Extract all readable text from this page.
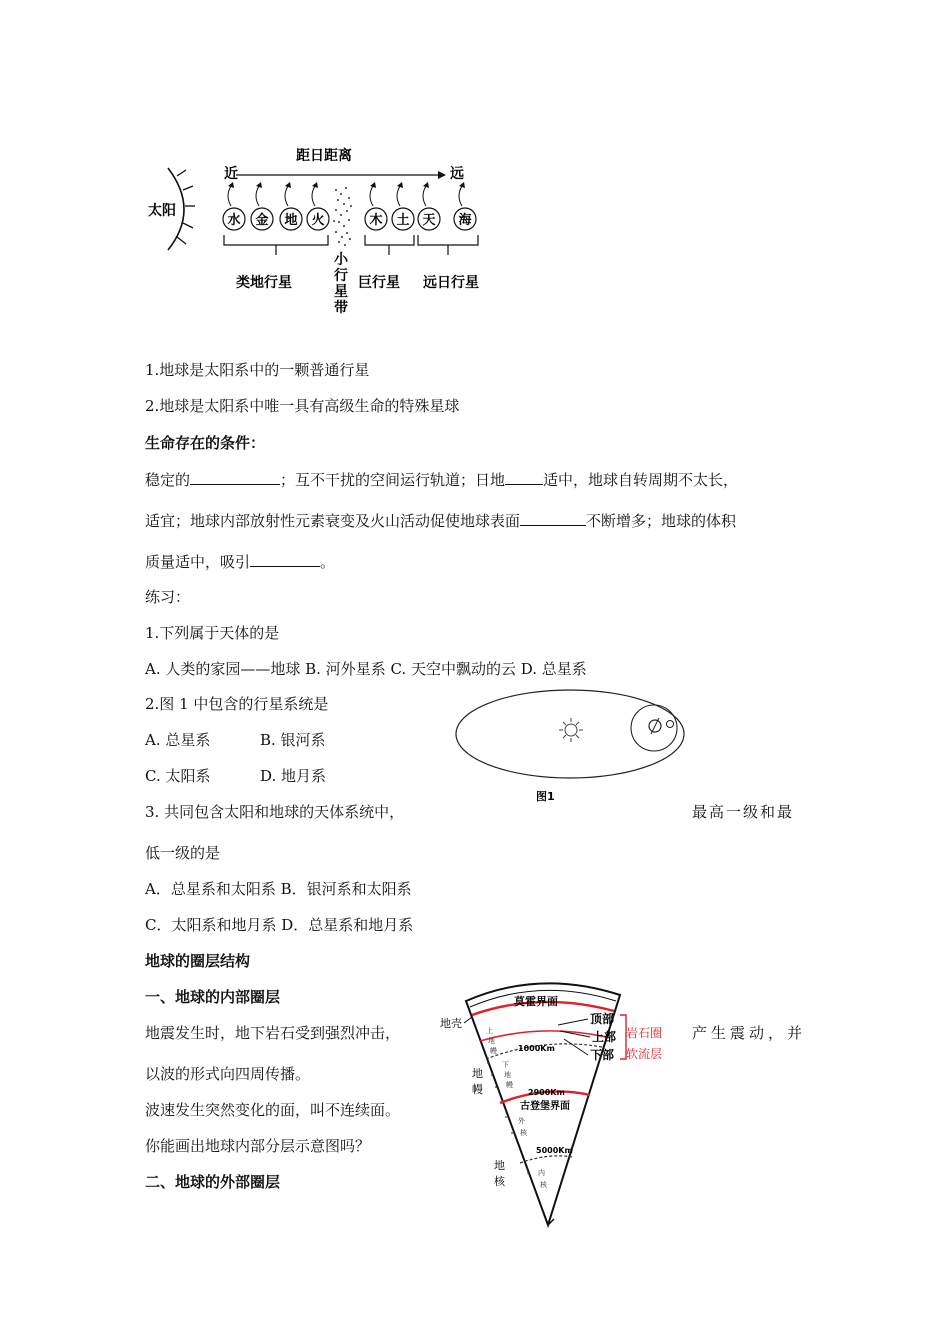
太阳
距日距离
近	远
水 金 地 火	木 土 天 海
类地行星	巨行星 远日行星
小
行
星
带
1.地球是太阳系中的一颗普通行星
2.地球是太阳系中唯一具有高级生命的特殊星球
生命存在的条件：
稳定的	；互不干扰的空间运行轨道；日地	适中，地球自转周期不太长，
适宜；地球内部放射性元素衰变及火山活动促使地球表面	不断增多；地球的体积
质量适中，吸引	。
练习：
1.下列属于天体的是
A. 人类的家园——地球 B. 河外星系 C. 天空中飘动的云 D. 总星系
2.图 1 中包含的行星系统是
A. 总星系	B. 银河系
C. 太阳系	D. 地月系
图1
3. 共同包含太阳和地球的天体系统中，	最高一级和最
低一级的是
A．总星系和太阳系 B．银河系和太阳系
C．太阳系和地月系 D．总星系和地月系
地球的圈层结构
一、地球的内部圈层
地震发生时，地下岩石受到强烈冲击，	产生震动，并
以波的形式向四周传播。
波速发生突然变化的面，叫不连续面。
你能画出地球内部分层示意图吗？
二、地球的外部圈层
莫霍界面
1000Km
2900Km
5000Km
古登堡界面
顶部
上部
下部
岩石圈
软流层
地壳
地
幔
地
核
上
地
幔
下
地
幔
外
核
内
核
